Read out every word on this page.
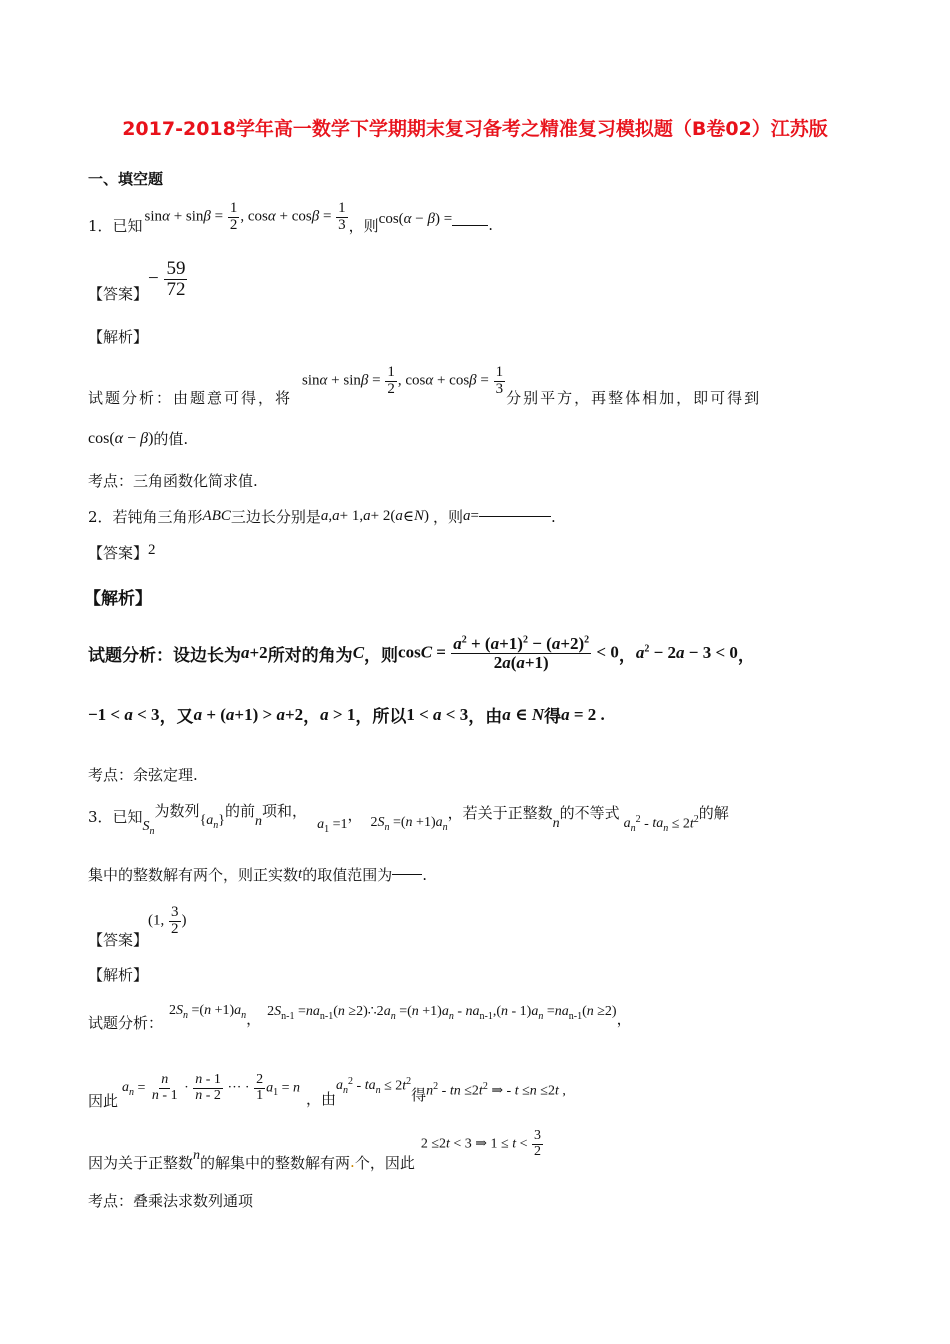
2017-2018学年高一数学下学期期末复习备考之精准复习模拟题（B卷02）江苏版
一、填空题
1．已知
$\sin\alpha + \sin\beta = \frac{1}{2}$ , $\cos\alpha + \cos\beta = \frac{1}{3}$ ，则 cos(α − β) = .
【答案】
− $\frac{59}{72}$
【解析】
试题分析：由题意可得，将
$\sin\alpha + \sin\beta = \frac{1}{2}$ , $\cos\alpha + \cos\beta = \frac{1}{3}$
分别平方，再整体相加，即可得到
cos(α − β) 的值.
考点：三角函数化简求值.
2．若钝角三角形 ABC 三边长分别是 a , a + 1, a + 2( a ∈ N ) ，则 a =	.
【答案】 2
【解析】
试题分析：设边长为 a +2 所对的角为 C ，则 $\cos C = \frac{a^2 + (a+1)^2 - (a+2)^2}{2a(a+1)} < 0$ ， $a^2 - 2a - 3 < 0$ ，
−1 < a < 3 ，又 a + (a+1) > a+2 ， a > 1 ，所以 1 < a < 3 ，由 a ∈ N 得 a = 2 .
考点：余弦定理.
3．已知
$S_n$
为数列
$\{a_n\}$
的前
n
项和，
$a_1 =1$
， $2S_n =(n +1)a_n$
，若关于正整数
n
的不等式
$a_n^2 - ta_n \le 2t^2$ 的解
集中的整数解有两个，则正实数 t 的取值范围为 .
【答案】
(1, $\frac{3}{2}$ )
【解析】
试题分析：
$2S_n =(n +1)a_n$ ， $2S_{n-1} =na_{n-1}(n$ $\ge 2)\therefore 2a_n =(n +1)a_n - na_{n-1},(n - 1)a_n =na_{n-1}(n \ge 2)$ ，
因此
$a_n = \frac{n}{n - 1} \cdot \frac{n - 1}{n - 2}$ ··· · $\frac{2}{1} a_1 = n$
，由
$a_n^2 - ta_n \le 2t^2$
得 $n^2$ - tn $\le 2t^2$ ⇒ - t ≤n ≤2t ,
因为关于正整数 n 的解集中的整数解有两 . 个，因此
2 ≤2t < 3 ⇒ $1 \le t < \frac{3}{2}$
考点：叠乘法求数列通项
